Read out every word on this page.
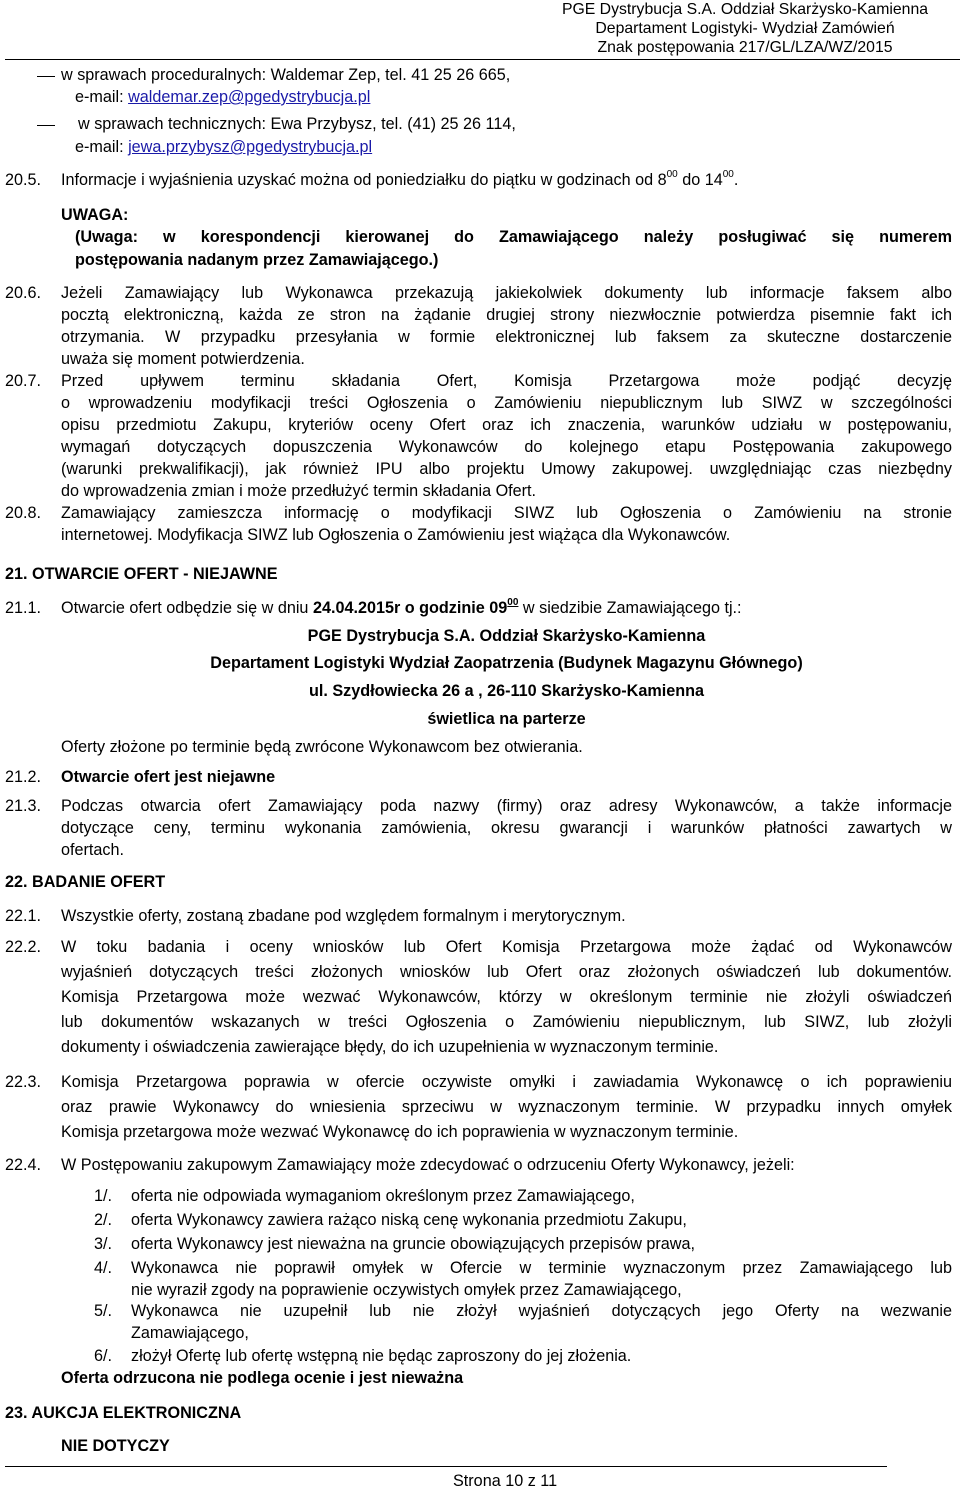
PGE Dystrybucja S.A. Oddział Skarżysko-Kamienna
Departament Logistyki- Wydział Zamówień
Znak postępowania 217/GL/LZA/WZ/2015
w sprawach proceduralnych: Waldemar Zep, tel. 41 25 26 665,
e-mail: waldemar.zep@pgedystrybucja.pl
w sprawach technicznych: Ewa Przybysz, tel. (41) 25 26 114,
e-mail: jewa.przybysz@pgedystrybucja.pl
20.5. Informacje i wyjaśnienia uzyskać można od poniedziałku do piątku w godzinach od $8^{00}$ do $14^{00}$.
UWAGA:
(Uwaga: w korespondencji kierowanej do Zamawiającego należy posługiwać się numerem
postępowania nadanym przez Zamawiającego.)
20.6. Jeżeli Zamawiający lub Wykonawca przekazują jakiekolwiek dokumenty lub informacje faksem albo
pocztą elektroniczną, każda ze stron na żądanie drugiej strony niezwłocznie potwierdza pisemnie fakt ich
otrzymania. W przypadku przesyłania w formie elektronicznej lub faksem za skuteczne dostarczenie
uważa się moment potwierdzenia.
20.7. Przed upływem terminu składania Ofert, Komisja Przetargowa może podjąć decyzję
o wprowadzeniu modyfikacji treści Ogłoszenia o Zamówieniu niepublicznym lub SIWZ w szczególności
opisu przedmiotu Zakupu, kryteriów oceny Ofert oraz ich znaczenia, warunków udziału w postępowaniu,
wymagań dotyczących dopuszczenia Wykonawców do kolejnego etapu Postępowania zakupowego
(warunki prekwalifikacji), jak również IPU albo projektu Umowy zakupowej. uwzględniając czas niezbędny
do wprowadzenia zmian i może przedłużyć termin składania Ofert.
20.8. Zamawiający zamieszcza informację o modyfikacji SIWZ lub Ogłoszenia o Zamówieniu na stronie
internetowej. Modyfikacja SIWZ lub Ogłoszenia o Zamówieniu jest wiążąca dla Wykonawców.
21. OTWARCIE OFERT - NIEJAWNE
21.1. Otwarcie ofert odbędzie się w dniu 24.04.2015r o godzinie $09^{00}$ w siedzibie Zamawiającego tj.:
PGE Dystrybucja S.A. Oddział Skarżysko-Kamienna
Departament Logistyki Wydział Zaopatrzenia (Budynek Magazynu Głównego)
ul. Szydłowiecka 26 a , 26-110 Skarżysko-Kamienna
świetlica na parterze
Oferty złożone po terminie będą zwrócone Wykonawcom bez otwierania.
21.2. Otwarcie ofert jest niejawne
21.3. Podczas otwarcia ofert Zamawiający poda nazwy (firmy) oraz adresy Wykonawców, a także informacje
dotyczące ceny, terminu wykonania zamówienia, okresu gwarancji i warunków płatności zawartych w
ofertach.
22. BADANIE OFERT
22.1. Wszystkie oferty, zostaną zbadane pod względem formalnym i merytorycznym.
22.2. W toku badania i oceny wniosków lub Ofert Komisja Przetargowa może żądać od Wykonawców
wyjaśnień dotyczących treści złożonych wniosków lub Ofert oraz złożonych oświadczeń lub dokumentów.
Komisja Przetargowa może wezwać Wykonawców, którzy w określonym terminie nie złożyli oświadczeń
lub dokumentów wskazanych w treści Ogłoszenia o Zamówieniu niepublicznym, lub SIWZ, lub złożyli
dokumenty i oświadczenia zawierające błędy, do ich uzupełnienia w wyznaczonym terminie.
22.3. Komisja Przetargowa poprawia w ofercie oczywiste omyłki i zawiadamia Wykonawcę o ich poprawieniu
oraz prawie Wykonawcy do wniesienia sprzeciwu w wyznaczonym terminie. W przypadku innych omyłek
Komisja przetargowa może wezwać Wykonawcę do ich poprawienia w wyznaczonym terminie.
22.4. W Postępowaniu zakupowym Zamawiający może zdecydować o odrzuceniu Oferty Wykonawcy, jeżeli:
1/. oferta nie odpowiada wymaganiom określonym przez Zamawiającego,
2/. oferta Wykonawcy zawiera rażąco niską cenę wykonania przedmiotu Zakupu,
3/. oferta Wykonawcy jest nieważna na gruncie obowiązujących przepisów prawa,
4/. Wykonawca nie poprawił omyłek w Ofercie w terminie wyznaczonym przez Zamawiającego lub
nie wyraził zgody na poprawienie oczywistych omyłek przez Zamawiającego,
5/. Wykonawca nie uzupełnił lub nie złożył wyjaśnień dotyczących jego Oferty na wezwanie
Zamawiającego,
6/. złożył Ofertę lub ofertę wstępną nie będąc zaproszony do jej złożenia.
Oferta odrzucona nie podlega ocenie i jest nieważna
23. AUKCJA ELEKTRONICZNA
NIE DOTYCZY
Strona 10 z 11
